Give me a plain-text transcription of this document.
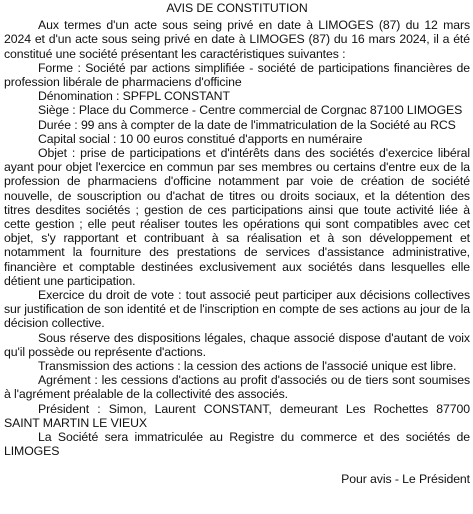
AVIS DE CONSTITUTION

Aux termes d'un acte sous seing privé en date à LIMOGES (87) du 12 mars 2024 et d'un acte sous seing privé en date à LIMOGES (87) du 16 mars 2024, il a été constitué une société présentant les caractéristiques suivantes :

Forme : Société par actions simplifiée - société de participations financières de profession libérale de pharmaciens d'officine

Dénomination : SPFPL CONSTANT

Siège : Place du Commerce - Centre commercial de Corgnac 87100 LIMOGES

Durée : 99 ans à compter de la date de l'immatriculation de la Société au RCS

Capital social : 10 00 euros constitué d'apports en numéraire

Objet : prise de participations et d'intérêts dans des sociétés d'exercice libéral ayant pour objet l'exercice en commun par ses membres ou certains d'entre eux de la profession de pharmaciens d'officine notamment par voie de création de société nouvelle, de souscription ou d'achat de titres ou droits sociaux, et la détention des titres desdites sociétés ; gestion de ces participations ainsi que toute activité liée à cette gestion ; elle peut réaliser toutes les opérations qui sont compatibles avec cet objet, s'y rapportant et contribuant à sa réalisation et à son développement et notamment la fourniture des prestations de services d'assistance administrative, financière et comptable destinées exclusivement aux sociétés dans lesquelles elle détient une participation.

Exercice du droit de vote : tout associé peut participer aux décisions collectives sur justification de son identité et de l'inscription en compte de ses actions au jour de la décision collective.

Sous réserve des dispositions légales, chaque associé dispose d'autant de voix qu'il possède ou représente d'actions.

Transmission des actions : la cession des actions de l'associé unique est libre.

Agrément : les cessions d'actions au profit d'associés ou de tiers sont soumises à l'agrément préalable de la collectivité des associés.

Président : Simon, Laurent CONSTANT, demeurant Les Rochettes 87700 SAINT MARTIN LE VIEUX

La Société sera immatriculée au Registre du commerce et des sociétés de LIMOGES

Pour avis - Le Président
